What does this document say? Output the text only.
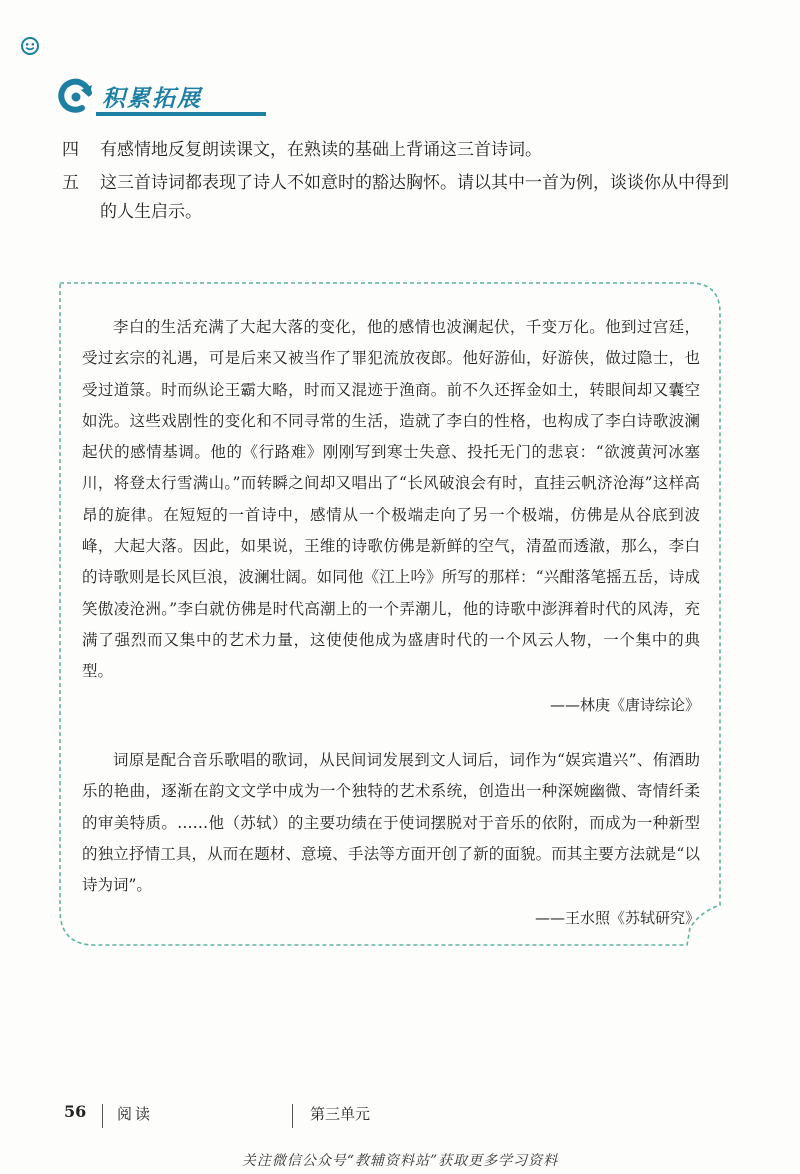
积累拓展
四 有感情地反复朗读课文，在熟读的基础上背诵这三首诗词。
五 这三首诗词都表现了诗人不如意时的豁达胸怀。请以其中一首为例，谈谈你从中得到的人生启示。

李白的生活充满了大起大落的变化，他的感情也波澜起伏，千变万化。他到过宫廷，受过玄宗的礼遇，可是后来又被当作了罪犯流放夜郎。他好游仙，好游侠，做过隐士，也受过道箓。时而纵论王霸大略，时而又混迹于渔商。前不久还挥金如土，转眼间却又囊空如洗。这些戏剧性的变化和不同寻常的生活，造就了李白的性格，也构成了李白诗歌波澜起伏的感情基调。他的《行路难》刚刚写到寒士失意、投托无门的悲哀：“欲渡黄河冰塞川，将登太行雪满山。”而转瞬之间却又唱出了“长风破浪会有时，直挂云帆济沧海”这样高昂的旋律。在短短的一首诗中，感情从一个极端走向了另一个极端，仿佛是从谷底到波峰，大起大落。因此，如果说，王维的诗歌仿佛是新鲜的空气，清盈而透澈，那么，李白的诗歌则是长风巨浪，波澜壮阔。如同他《江上吟》所写的那样：“兴酣落笔摇五岳，诗成笑傲凌沧洲。”李白就仿佛是时代高潮上的一个弄潮儿，他的诗歌中澎湃着时代的风涛，充满了强烈而又集中的艺术力量，这使使他成为盛唐时代的一个风云人物，一个集中的典型。

——林庚《唐诗综论》

词原是配合音乐歌唱的歌词，从民间词发展到文人词后，词作为“娱宾遣兴”、侑酒助乐的艳曲，逐渐在韵文文学中成为一个独特的艺术系统，创造出一种深婉幽微、寄情纤柔的审美特质。……他（苏轼）的主要功绩在于使词摆脱对于音乐的依附，而成为一种新型的独立抒情工具，从而在题材、意境、手法等方面开创了新的面貌。而其主要方法就是“以诗为词”。

——王水照《苏轼研究》
56 阅读	第三单元
关注微信公众号“教辅资料站”获取更多学习资料
